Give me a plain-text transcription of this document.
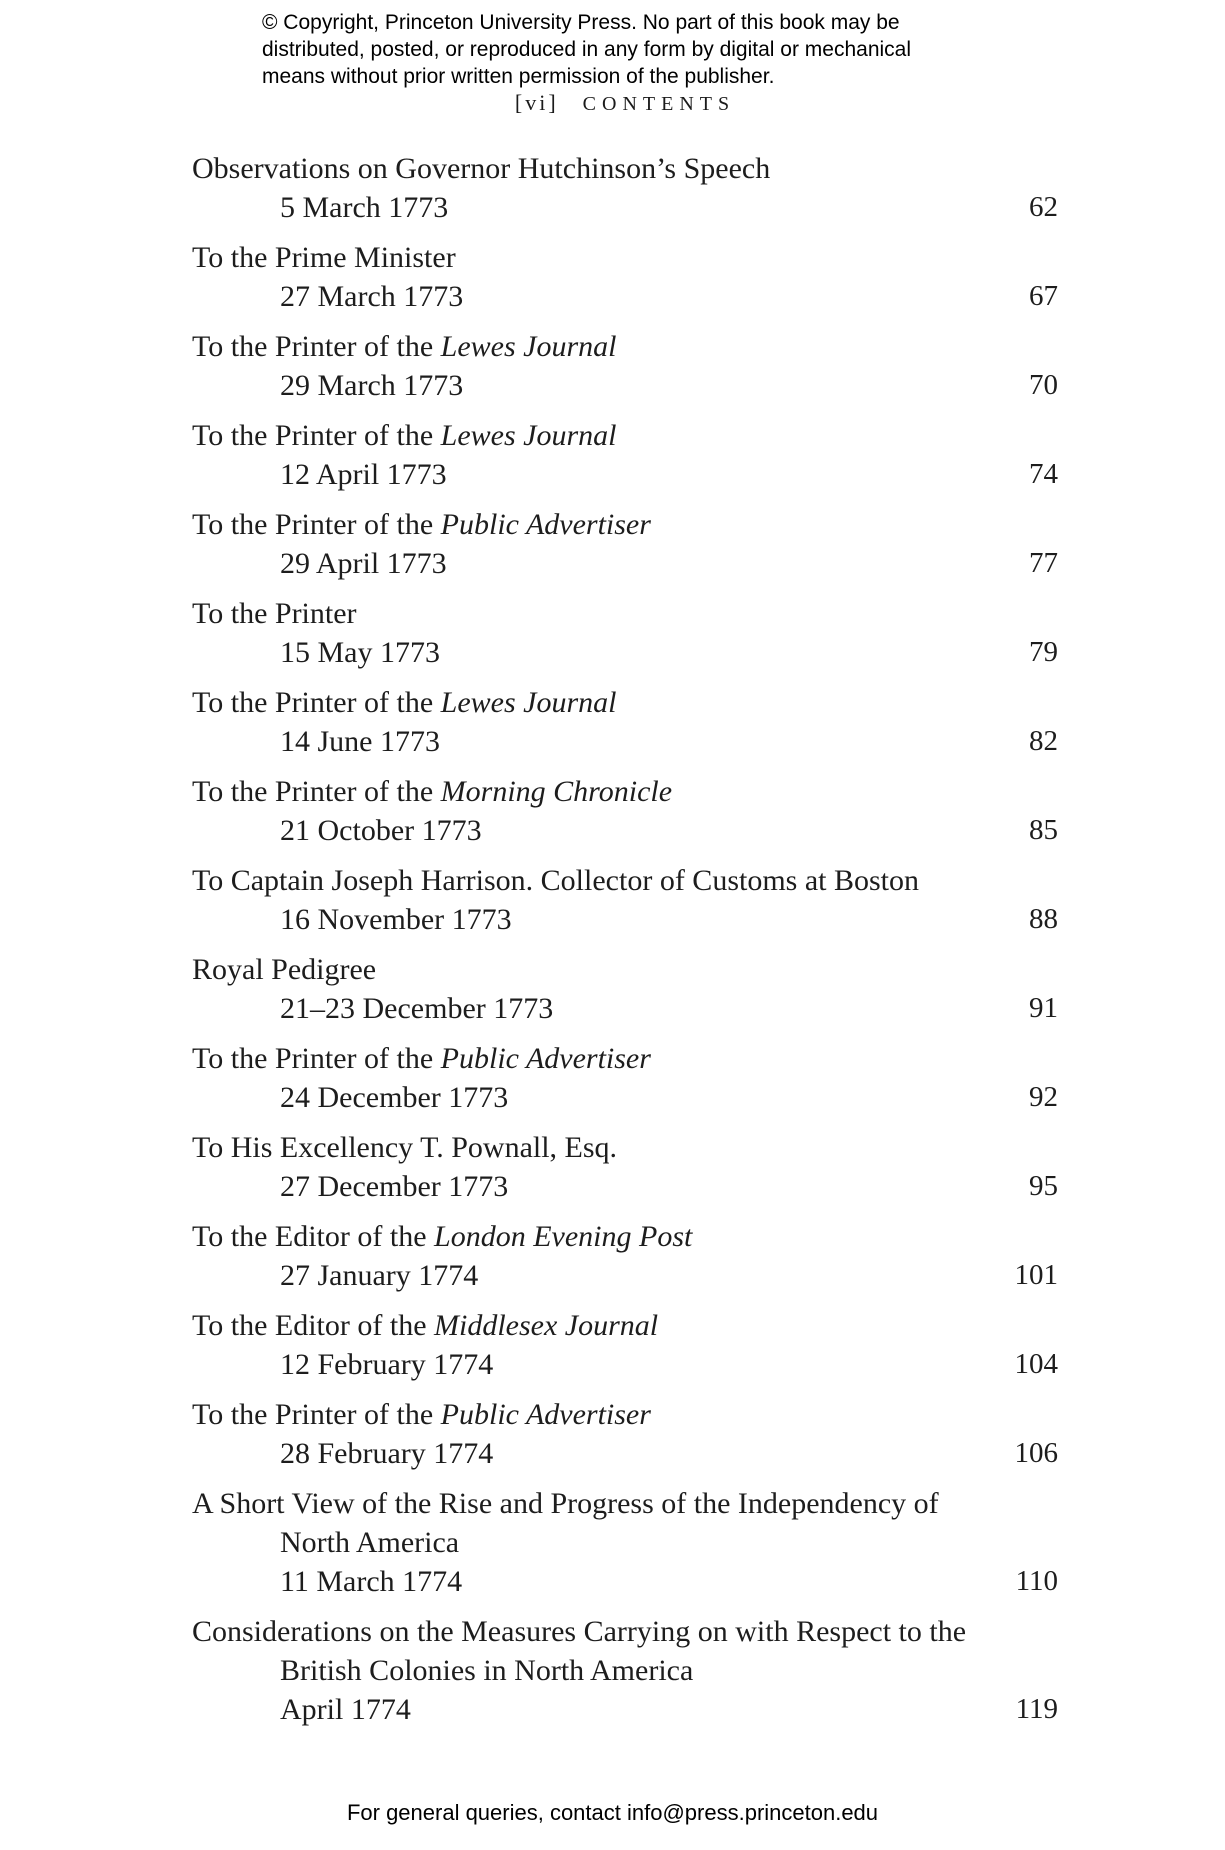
© Copyright, Princeton University Press. No part of this book may be
distributed, posted, or reproduced in any form by digital or mechanical
means without prior written permission of the publisher.
[vi] CONTENTS
Observations on Governor Hutchinson’s Speech
5 March 1773	62
To the Prime Minister
27 March 1773	67
To the Printer of the Lewes Journal
29 March 1773	70
To the Printer of the Lewes Journal
12 April 1773	74
To the Printer of the Public Advertiser
29 April 1773	77
To the Printer
15 May 1773	79
To the Printer of the Lewes Journal
14 June 1773	82
To the Printer of the Morning Chronicle
21 October 1773	85
To Captain Joseph Harrison. Collector of Customs at Boston
16 November 1773	88
Royal Pedigree
21–23 December 1773	91
To the Printer of the Public Advertiser
24 December 1773	92
To His Excellency T. Pownall, Esq.
27 December 1773	95
To the Editor of the London Evening Post
27 January 1774	101
To the Editor of the Middlesex Journal
12 February 1774	104
To the Printer of the Public Advertiser
28 February 1774	106
A Short View of the Rise and Progress of the Independency of
North America
11 March 1774	110
Considerations on the Measures Carrying on with Respect to the
British Colonies in North America
April 1774	119
For general queries, contact info@press.princeton.edu
